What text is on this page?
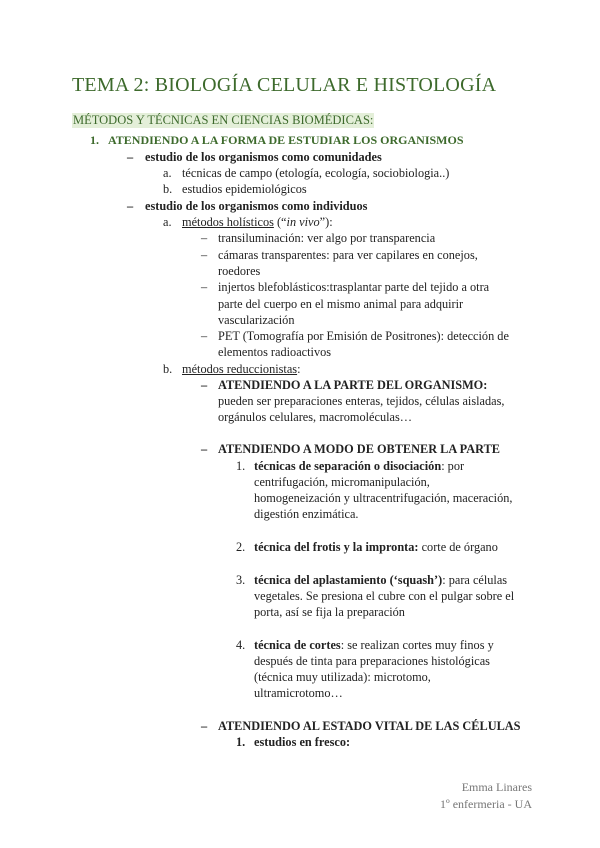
TEMA 2: BIOLOGÍA CELULAR E HISTOLOGÍA
MÉTODOS Y TÉCNICAS EN CIENCIAS BIOMÉDICAS:
1. ATENDIENDO A LA FORMA DE ESTUDIAR LOS ORGANISMOS
– estudio de los organismos como comunidades
a. técnicas de campo (etología, ecología, sociobiologia..)
b. estudios epidemiológicos
– estudio de los organismos como individuos
a. métodos holísticos (“in vivo”):
– transiluminación: ver algo por transparencia
– cámaras transparentes: para ver capilares en conejos,
roedores
– injertos blefoblásticos:trasplantar parte del tejido a otra
parte del cuerpo en el mismo animal para adquirir
vascularización
– PET (Tomografía por Emisión de Positrones): detección de
elementos radioactivos
b. métodos reduccionistas:
– ATENDIENDO A LA PARTE DEL ORGANISMO:
pueden ser preparaciones enteras, tejidos, células aisladas,
orgánulos celulares, macromoléculas…
– ATENDIENDO A MODO DE OBTENER LA PARTE
1. técnicas de separación o disociación: por
centrifugación, micromanipulación,
homogeneización y ultracentrifugación, maceración,
digestión enzimática.
2. técnica del frotis y la impronta: corte de órgano
3. técnica del aplastamiento (‘squash’): para células
vegetales. Se presiona el cubre con el pulgar sobre el
porta, así se fija la preparación
4. técnica de cortes: se realizan cortes muy finos y
después de tinta para preparaciones histológicas
(técnica muy utilizada): microtomo,
ultramicrotomo…
– ATENDIENDO AL ESTADO VITAL DE LAS CÉLULAS
1. estudios en fresco:
Emma Linares
1º enfermeria - UA
